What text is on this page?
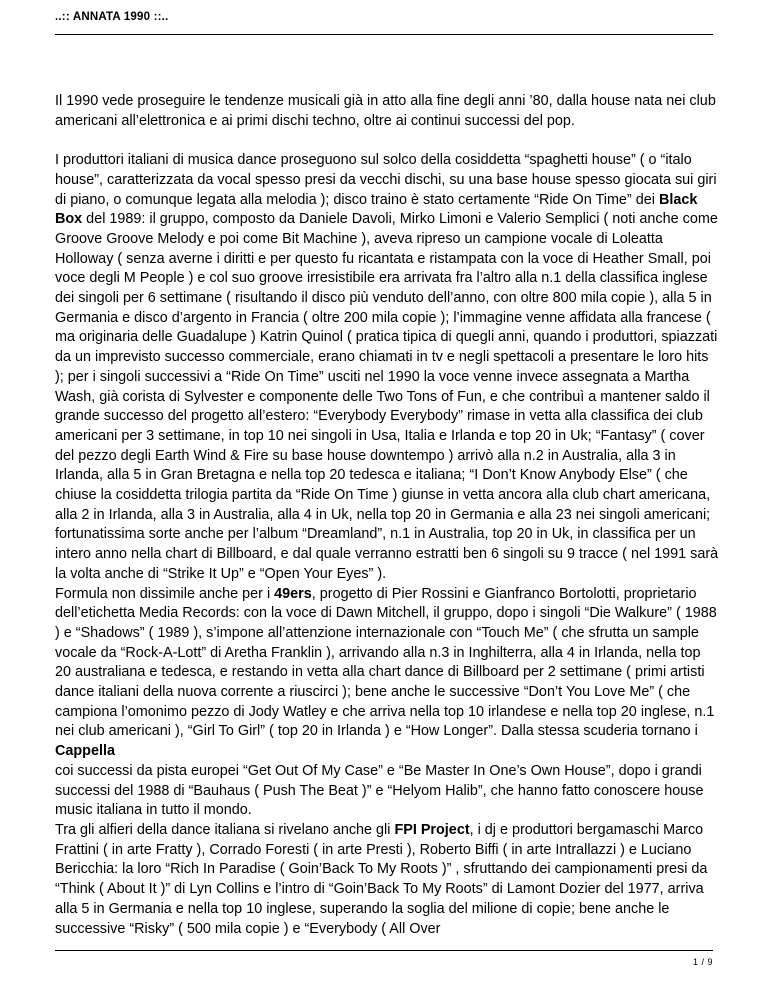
..:: ANNATA 1990 ::..

Il 1990 vede proseguire le tendenze musicali già in atto alla fine degli anni ’80, dalla house nata nei club americani all’elettronica e ai primi dischi techno, oltre ai continui successi del pop.

I produttori italiani di musica dance proseguono sul solco della cosiddetta “spaghetti house” ( o “italo house”, caratterizzata da vocal spesso presi da vecchi dischi, su una base house spesso giocata sui giri di piano, o comunque legata alla melodia ); disco traino è stato certamente “Ride On Time” dei Black Box del 1989: il gruppo, composto da Daniele Davoli, Mirko Limoni e Valerio Semplici ( noti anche come Groove Groove Melody e poi come Bit Machine ), aveva ripreso un campione vocale di Loleatta Holloway ( senza averne i diritti e per questo fu ricantata e ristampata con la voce di Heather Small, poi voce degli M People ) e col suo groove irresistibile era arrivata fra l’altro alla n.1 della classifica inglese dei singoli per 6 settimane ( risultando il disco più venduto dell’anno, con oltre 800 mila copie ), alla 5 in Germania e disco d’argento in Francia ( oltre 200 mila copie ); l’immagine venne affidata alla francese ( ma originaria delle Guadalupe ) Katrin Quinol ( pratica tipica di quegli anni, quando i produttori, spiazzati da un imprevisto successo commerciale, erano chiamati in tv e negli spettacoli a presentare le loro hits ); per i singoli successivi a “Ride On Time” usciti nel 1990 la voce venne invece assegnata a Martha Wash, già corista di Sylvester e componente delle Two Tons of Fun, e che contribuì a mantener saldo il grande successo del progetto all’estero: “Everybody Everybody” rimase in vetta alla classifica dei club americani per 3 settimane, in top 10 nei singoli in Usa, Italia e Irlanda e top 20 in Uk; “Fantasy” ( cover del pezzo degli Earth Wind & Fire su base house downtempo ) arrivò alla n.2 in Australia, alla 3 in Irlanda, alla 5 in Gran Bretagna e nella top 20 tedesca e italiana; “I Don’t Know Anybody Else” ( che chiuse la cosiddetta trilogia partita da “Ride On Time ) giunse in vetta ancora alla club chart americana, alla 2 in Irlanda, alla 3 in Australia, alla 4 in Uk, nella top 20 in Germania e alla 23 nei singoli americani; fortunatissima sorte anche per l’album “Dreamland”, n.1 in Australia, top 20 in Uk, in classifica per un intero anno nella chart di Billboard, e dal quale verranno estratti ben 6 singoli su 9 tracce ( nel 1991 sarà la volta anche di “Strike It Up” e “Open Your Eyes” ).

Formula non dissimile anche per i 49ers, progetto di Pier Rossini e Gianfranco Bortolotti, proprietario dell’etichetta Media Records: con la voce di Dawn Mitchell, il gruppo, dopo i singoli “Die Walkure” ( 1988 ) e “Shadows” ( 1989 ), s’impone all’attenzione internazionale con “Touch Me” ( che sfrutta un sample vocale da “Rock-A-Lott” di Aretha Franklin ), arrivando alla n.3 in Inghilterra, alla 4 in Irlanda, nella top 20 australiana e tedesca, e restando in vetta alla chart dance di Billboard per 2 settimane ( primi artisti dance italiani della nuova corrente a riuscirci ); bene anche le successive “Don’t You Love Me” ( che campiona l’omonimo pezzo di Jody Watley e che arriva nella top 10 irlandese e nella top 20 inglese, n.1 nei club americani ), “Girl To Girl” ( top 20 in Irlanda ) e “How Longer”. Dalla stessa scuderia tornano i

Cappella

coi successi da pista europei “Get Out Of My Case” e “Be Master In One’s Own House”, dopo i grandi successi del 1988 di “Bauhaus ( Push The Beat )” e “Helyom Halib”, che hanno fatto conoscere house music italiana in tutto il mondo.

Tra gli alfieri della dance italiana si rivelano anche gli FPI Project, i dj e produttori bergamaschi Marco Frattini ( in arte Fratty ), Corrado Foresti ( in arte Presti ), Roberto Biffi ( in arte Intrallazzi ) e Luciano Bericchia: la loro “Rich In Paradise ( Goin’Back To My Roots )” , sfruttando dei campionamenti presi da “Think ( About It )” di Lyn Collins e l’intro di “Goin’Back To My Roots” di Lamont Dozier del 1977, arriva alla 5 in Germania e nella top 10 inglese, superando la soglia del milione di copie; bene anche le successive “Risky” ( 500 mila copie ) e “Everybody ( All Over

1 / 9
